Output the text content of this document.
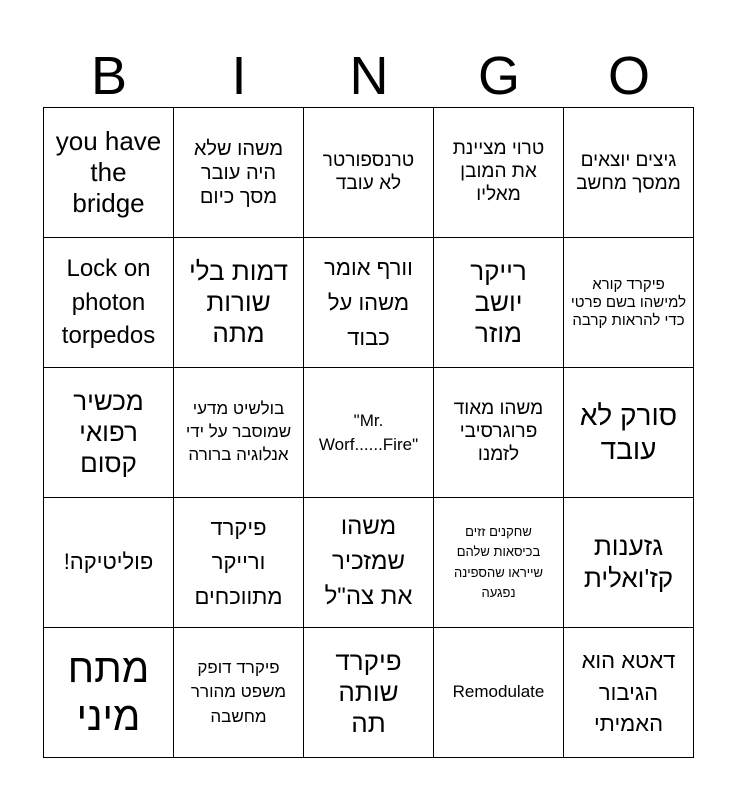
B	I	N	G	O
you have the bridge
משהו שלא היה עובר מסך כיום
טרנספורטר לא עובד
טרוי מציינת את המובן מאליו
גיצים יוצאים ממסך מחשב
Lock on photon torpedos
דמות בלי שורות מתה
וורף אומר משהו על כבוד
רייקר יושב מוזר
פיקרד קורא למישהו בשם פרטי כדי להראות קרבה
מכשיר רפואי קסום
בולשיט מדעי שמוסבר על ידי אנלוגיה ברורה
"Mr. Worf......Fire"
משהו מאוד פרוגרסיבי לזמנו
סורק לא עובד
פוליטיקה!
פיקרד ורייקר מתווכחים
משהו שמזכיר את צה"ל
שחקנים זזים בכיסאות שלהם שייראו שהספינה נפגעה
גזענות קז'ואלית
מתח מיני
פיקרד דופק משפט מהורר מחשבה
פיקרד שותה תה
Remodulate
דאטא הוא הגיבור האמיתי
